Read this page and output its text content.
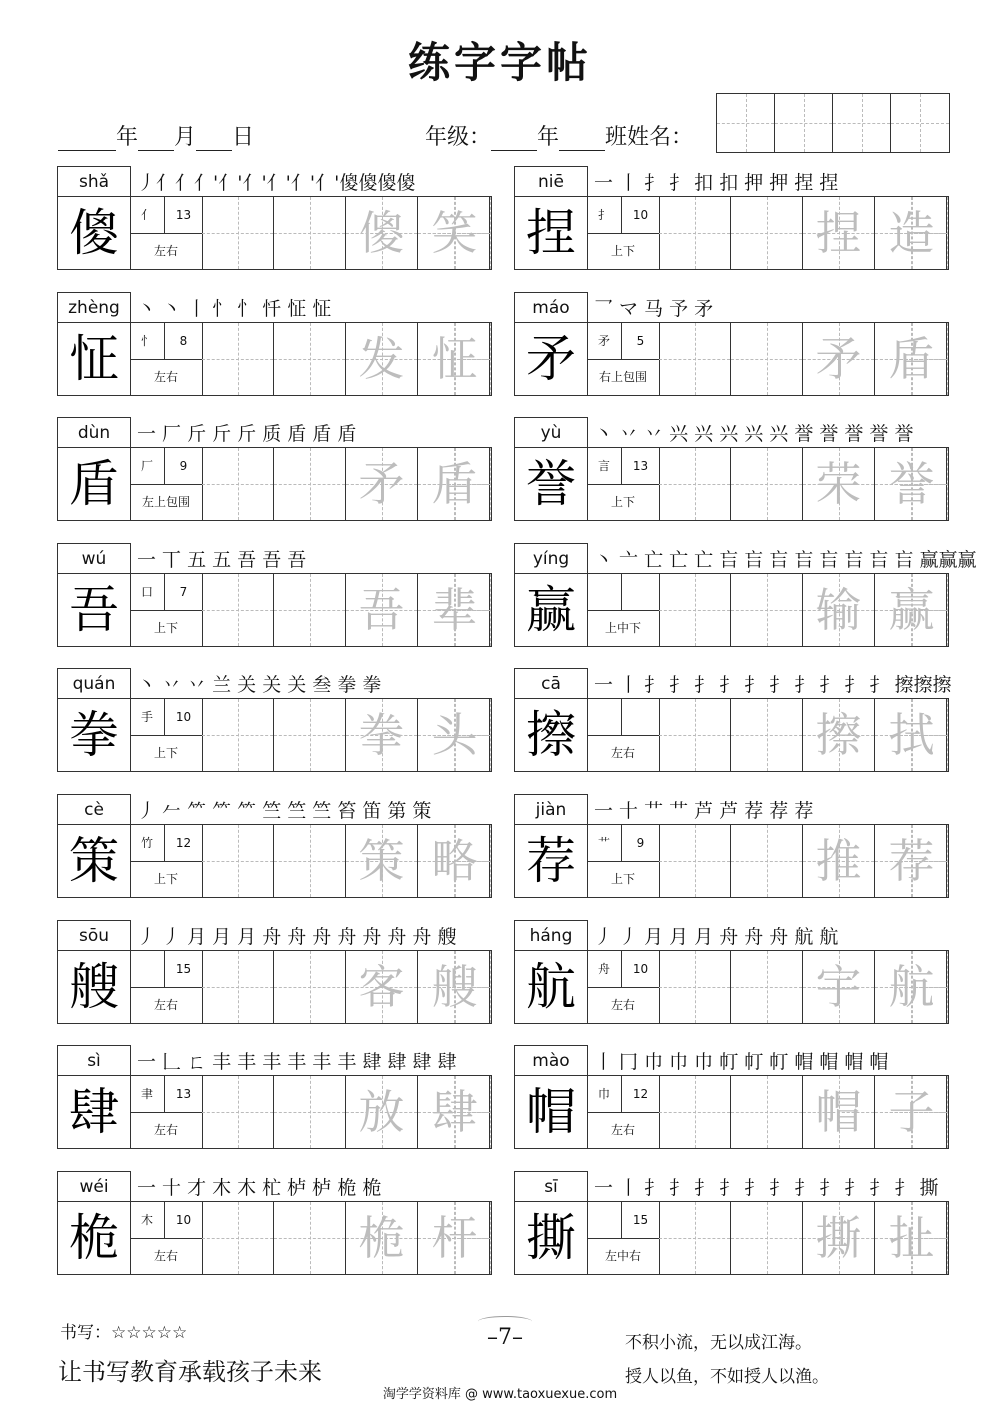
练字字帖
年 月 日	年级： 年 班姓名：
shǎ	丿亻亻亻'亻'亻'亻'亻'亻'傻傻傻傻
傻	亻	13
左右	傻 笑
niē	一 丨 扌 扌 扣 扣 押 押 捏 捏
捏	扌	10
上下	捏 造
zhèng 丶 丶 丨 忄 忄 忏 怔 怔
怔	忄	8
左右	发 怔
máo	乛 マ 马 予 矛
矛	矛	5
右上包围	矛 盾
dùn	一 厂 斤 斤 斤 质 盾 盾 盾
盾	厂	9
左上包围	矛 盾
yù	丶 丷 丷 兴 兴 兴 兴 兴 誉 誉 誉 誉 誉
誉	言	13
上下	荣 誉
wú	一 丅 五 五 吾 吾 吾
吾	口	7
上下	吾 辈
yíng	丶 亠 亡 亡 亡 吂 吂 吂 吂 吂 吂 吂 吂 赢赢赢
赢	上中下	输 赢
quán	丶 丷 丷 兰 关 关 关 叁 拳 拳
拳	手	10
上下	拳 头
cā	一 丨 扌 扌 扌 扌 扌 扌 扌 扌 扌 扌 擦擦擦
擦	左右	擦 拭
cè	丿 𠂉 ⺮ ⺮ ⺮ 竺 竺 竺 笞 笛 第 策
策	竹	12
上下	策 略
jiàn	一 十 艹 艹 芦 芦 荐 荐 荐
荐	艹	9
上下	推 荐
sōu	丿 丿 月 月 月 舟 舟 舟 舟 舟 舟 舟 艘
艘	15
左右	客 艘
háng	丿 丿 月 月 月 舟 舟 舟 航 航
航	舟	10
左右	宇 航
sì	一 𠃊 ㄈ 丰 丰 丰 丰 丰 丰 肆 肆 肆 肆
肆	聿	13
左右	放 肆
mào	丨 冂 巾 巾 巾 帄 帄 帄 帽 帽 帽 帽
帽	巾	12
左右	帽 子
wéi	一 十 才 木 木 杧 栌 栌 桅 桅
桅	木	10
左右	桅 杆
sī	一 丨 扌 扌 扌 扌 扌 扌 扌 扌 扌 扌 扌 撕
撕	15
左中右	撕 扯
书写：☆☆☆☆☆
让书写教育承载孩子未来
–7–	不积小流，无以成江海。
授人以鱼，不如授人以渔。
淘学学资料库 @ www.taoxuexue.com
